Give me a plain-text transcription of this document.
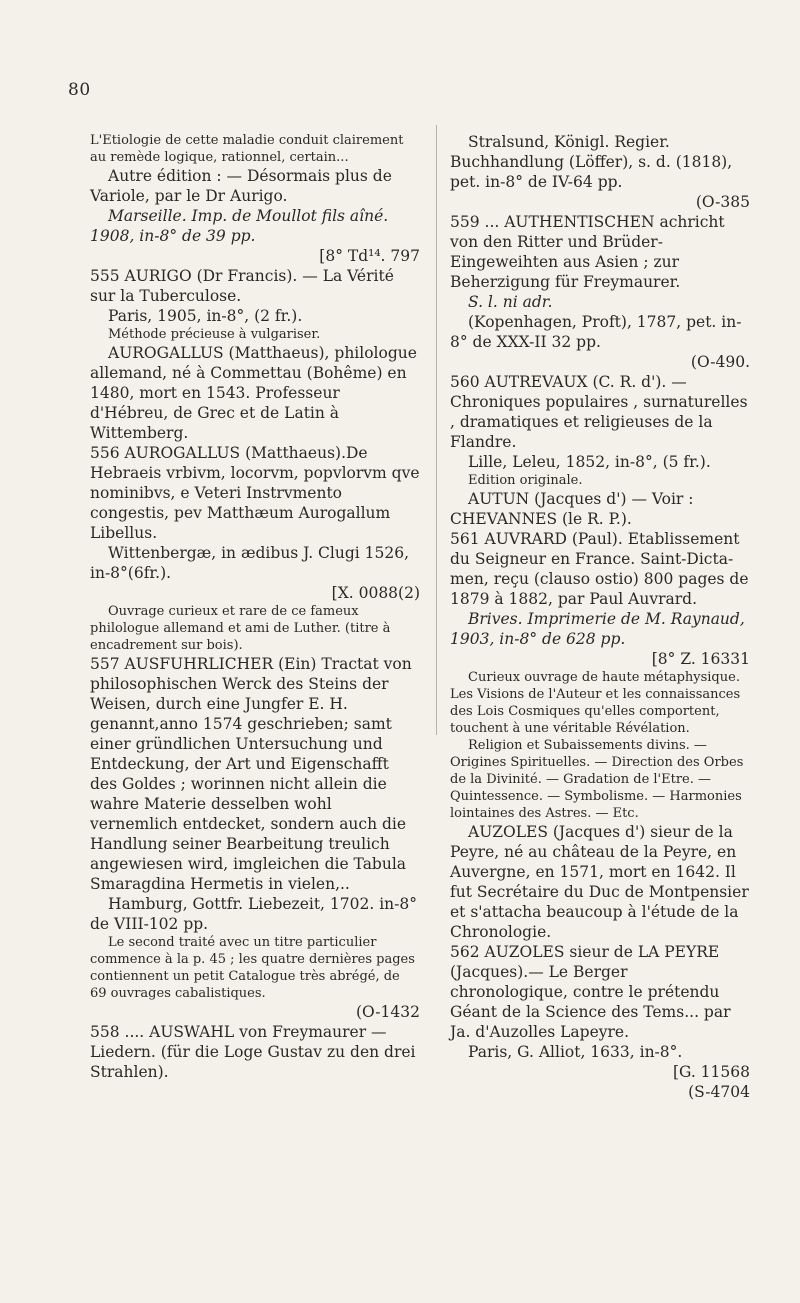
80

L'Etiologie de cette maladie conduit clairement au remède logique, rationnel, certain...

Autre édition : — Désormais plus de Variole, par le Dr Aurigo.

Marseille. Imp. de Moullot fils aîné. 1908, in-8° de 39 pp.

[8° Td¹⁴. 797

555 AURIGO (Dr Francis). — La Vérité sur la Tuberculose.

Paris, 1905, in-8°, (2 fr.).

Méthode précieuse à vulgariser.

AUROGALLUS (Matthaeus), philologue allemand, né à Commettau (Bohême) en 1480, mort en 1543. Professeur d'Hébreu, de Grec et de Latin à Wittemberg.

556 AUROGALLUS (Matthaeus).De Hebraeis vrbivm, locorvm, popvlorvm qve nominibvs, e Veteri Instrvmento congestis, pev Matthæum Aurogallum Libellus.

Wittenbergæ, in ædibus J. Clugi 1526, in-8°(6fr.).

[X. 0088(2)

Ouvrage curieux et rare de ce fameux philologue allemand et ami de Luther. (titre à encadrement sur bois).

557 AUSFUHRLICHER (Ein) Tractat von philosophischen Werck des Steins der Weisen, durch eine Jungfer E. H. genannt,anno 1574 geschrieben; samt einer gründlichen Untersuchung und Entdeckung, der Art und Eigenschafft des Goldes ; worinnen nicht allein die wahre Materie desselben wohl vernemlich entdecket, sondern auch die Handlung seiner Bearbeitung treulich angewiesen wird, imgleichen die Tabula Smaragdina Hermetis in vielen,..

Hamburg, Gottfr. Liebezeit, 1702. in-8° de VIII-102 pp.

Le second traité avec un titre particulier commence à la p. 45 ; les quatre dernières pages contiennent un petit Catalogue très abrégé, de 69 ouvrages cabalistiques.

(O-1432

558 .... AUSWAHL von Freymaurer — Liedern. (für die Loge Gustav zu den drei Strahlen).

Stralsund, Königl. Regier. Buchhandlung (Löffer), s. d. (1818), pet. in-8° de IV-64 pp.

(O-385

559 ... AUTHENTISCHEN achricht von den Ritter und Brüder-Eingeweihten aus Asien ; zur Beherzigung für Freymaurer.

S. l. ni adr.

(Kopenhagen, Proft), 1787, pet. in-8° de XXX-II 32 pp.

(O-490.

560 AUTREVAUX (C. R. d'). — Chroniques populaires , surnaturelles , dramatiques et religieuses de la Flandre.

Lille, Leleu, 1852, in-8°, (5 fr.).

Edition originale.

AUTUN (Jacques d') — Voir : CHEVANNES (le R. P.).

561 AUVRARD (Paul). Etablissement du Seigneur en France. Saint-Dicta-men, reçu (clauso ostio) 800 pages de 1879 à 1882, par Paul Auvrard.

Brives. Imprimerie de M. Raynaud, 1903, in-8° de 628 pp.

[8° Z. 16331

Curieux ouvrage de haute métaphysique. Les Visions de l'Auteur et les connaissances des Lois Cosmiques qu'elles comportent, touchent à une véritable Révélation.

Religion et Subaissements divins. — Origines Spirituelles. — Direction des Orbes de la Divinité. — Gradation de l'Etre. — Quintessence. — Symbolisme. — Harmonies lointaines des Astres. — Etc.

AUZOLES (Jacques d') sieur de la Peyre, né au château de la Peyre, en Auvergne, en 1571, mort en 1642. Il fut Secrétaire du Duc de Montpensier et s'attacha beaucoup à l'étude de la Chronologie.

562 AUZOLES sieur de LA PEYRE (Jacques).— Le Berger chronologique, contre le prétendu Géant de la Science des Tems... par Ja. d'Auzolles Lapeyre.

Paris, G. Alliot, 1633, in-8°.

[G. 11568

(S-4704
